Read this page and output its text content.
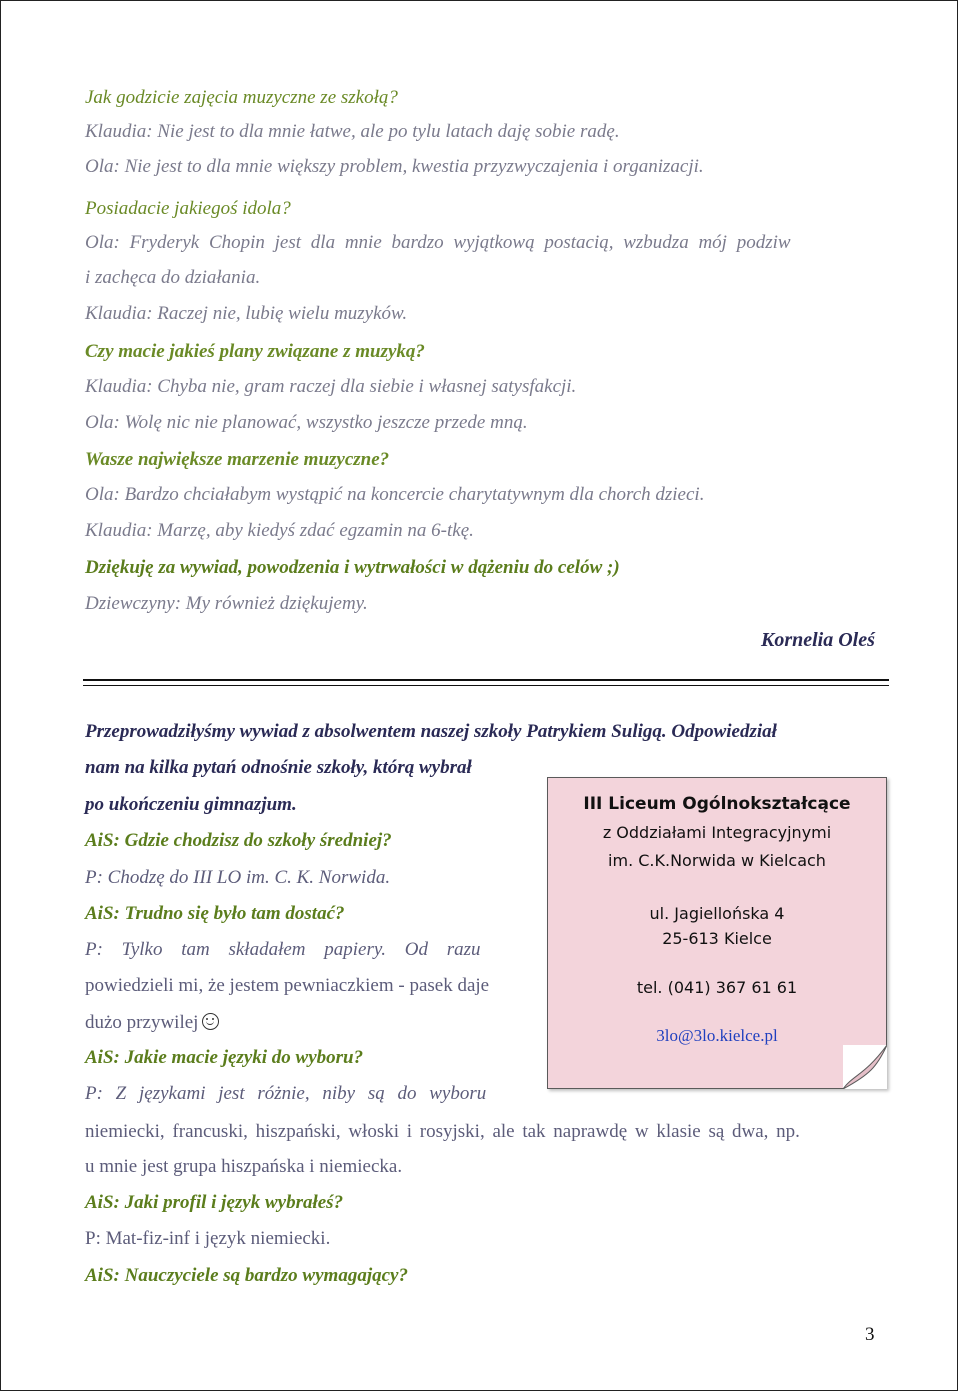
Jak godzicie zajęcia muzyczne ze szkołą?
Klaudia: Nie jest to dla mnie łatwe, ale po tylu latach daję sobie radę.
Ola: Nie jest to dla mnie większy problem, kwestia przyzwyczajenia i organizacji.
Posiadacie jakiegoś idola?
Ola: Fryderyk Chopin jest dla mnie bardzo wyjątkową postacią, wzbudza mój podziw
i zachęca do działania.
Klaudia: Raczej nie, lubię wielu muzyków.
Czy macie jakieś plany związane z muzyką?
Klaudia: Chyba nie, gram raczej dla siebie i własnej satysfakcji.
Ola: Wolę nic nie planować, wszystko jeszcze przede mną.
Wasze największe marzenie muzyczne?
Ola: Bardzo chciałabym wystąpić na koncercie charytatywnym dla chorch dzieci.
Klaudia: Marzę, aby kiedyś zdać egzamin na 6-tkę.
Dziękuję za wywiad, powodzenia i wytrwałości w dążeniu do celów ;)
Dziewczyny: My również dziękujemy.
Kornelia Oleś
Przeprowadziłyśmy wywiad z absolwentem naszej szkoły Patrykiem Suligą. Odpowiedział
nam na kilka pytań odnośnie szkoły, którą wybrał
po ukończeniu gimnazjum.
AiS: Gdzie chodzisz do szkoły średniej?
P: Chodzę do III LO im. C. K. Norwida.
AiS: Trudno się było tam dostać?
P: Tylko tam składałem papiery. Od razu
powiedzieli mi, że jestem pewniaczkiem - pasek daje
dużo przywilej
AiS: Jakie macie języki do wyboru?
P: Z językami jest różnie, niby są do wyboru
niemiecki, francuski, hiszpański, włoski i rosyjski, ale tak naprawdę w klasie są dwa, np.
u mnie jest grupa hiszpańska i niemiecka.
AiS: Jaki profil i język wybrałeś?
P: Mat-fiz-inf i język niemiecki.
AiS: Nauczyciele są bardzo wymagający?
III Liceum Ogólnokształcące
z Oddziałami Integracyjnymi
im. C.K.Norwida w Kielcach
ul. Jagiellońska 4
25-613 Kielce
tel. (041) 367 61 61
3lo@3lo.kielce.pl
3
